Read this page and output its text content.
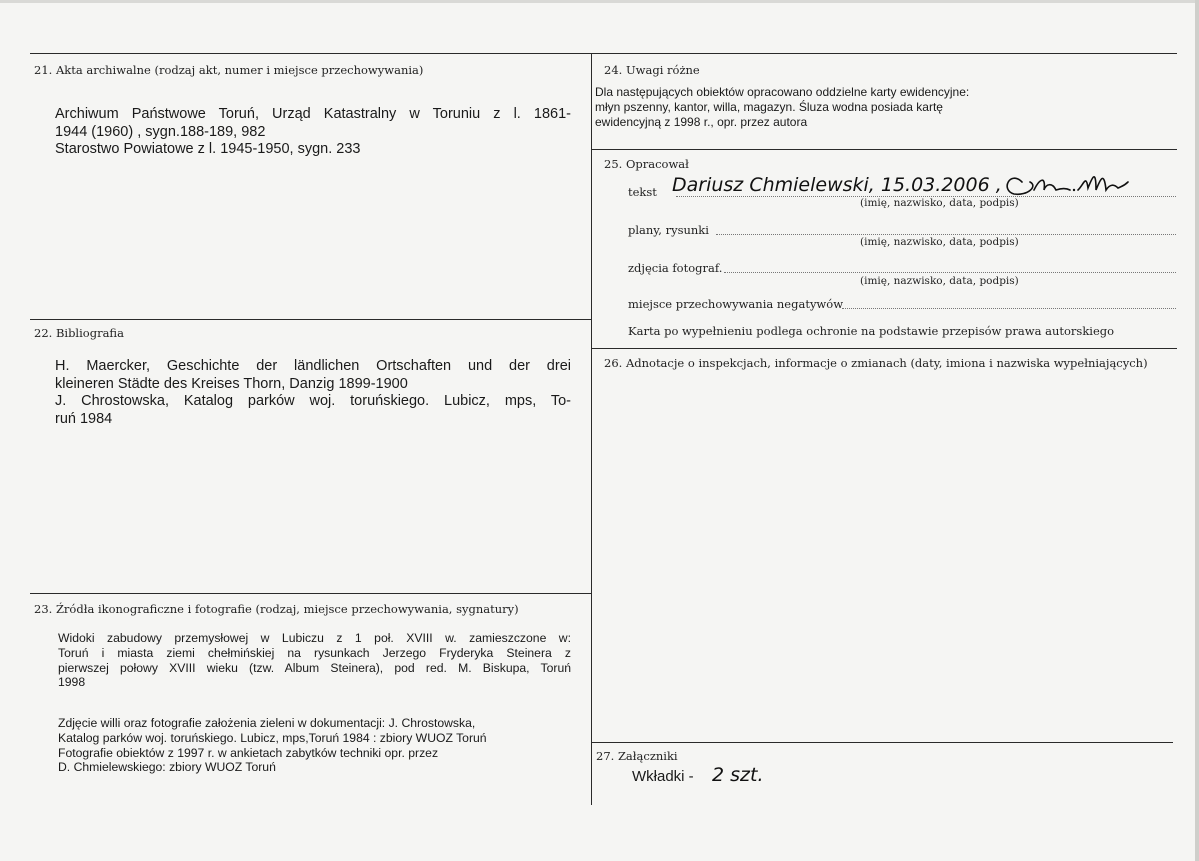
21. Akta archiwalne (rodzaj akt, numer i miejsce przechowywania)
Archiwum Państwowe Toruń, Urząd Katastralny w Toruniu z l. 1861-
1944 (1960) , sygn.188-189, 982
Starostwo Powiatowe z l. 1945-1950, sygn. 233
22. Bibliografia
H. Maercker, Geschichte der ländlichen Ortschaften und der drei
kleineren Städte des Kreises Thorn, Danzig 1899-1900
J. Chrostowska, Katalog parków woj. toruńskiego. Lubicz, mps, To-
ruń 1984
23. Źródła ikonograficzne i fotografie (rodzaj, miejsce przechowywania, sygnatury)
Widoki zabudowy przemysłowej w Lubiczu z 1 poł. XVIII w. zamieszczone w:
Toruń i miasta ziemi chełmińskiej na rysunkach Jerzego Fryderyka Steinera z
pierwszej połowy XVIII wieku (tzw. Album Steinera), pod red. M. Biskupa, Toruń
1998
Zdjęcie willi oraz fotografie założenia zieleni w dokumentacji: J. Chrostowska,
Katalog parków woj. toruńskiego. Lubicz, mps,Toruń 1984 : zbiory WUOZ Toruń
Fotografie obiektów z 1997 r. w ankietach zabytków techniki opr. przez
D. Chmielewskiego: zbiory WUOZ Toruń
24. Uwagi różne
Dla następujących obiektów opracowano oddzielne karty ewidencyjne:
młyn pszenny, kantor, willa, magazyn. Śluza wodna posiada kartę
ewidencyjną z 1998 r., opr. przez autora
25. Opracował
tekst Dariusz Chmielewski, 15.03.2006 ,
(imię, nazwisko, data, podpis)
plany, rysunki
(imię, nazwisko, data, podpis)
zdjęcia fotograf.
(imię, nazwisko, data, podpis)
miejsce przechowywania negatywów
Karta po wypełnieniu podlega ochronie na podstawie przepisów prawa autorskiego
26. Adnotacje o inspekcjach, informacje o zmianach (daty, imiona i nazwiska wypełniających)
27. Załączniki
Wkładki - 2 szt.
